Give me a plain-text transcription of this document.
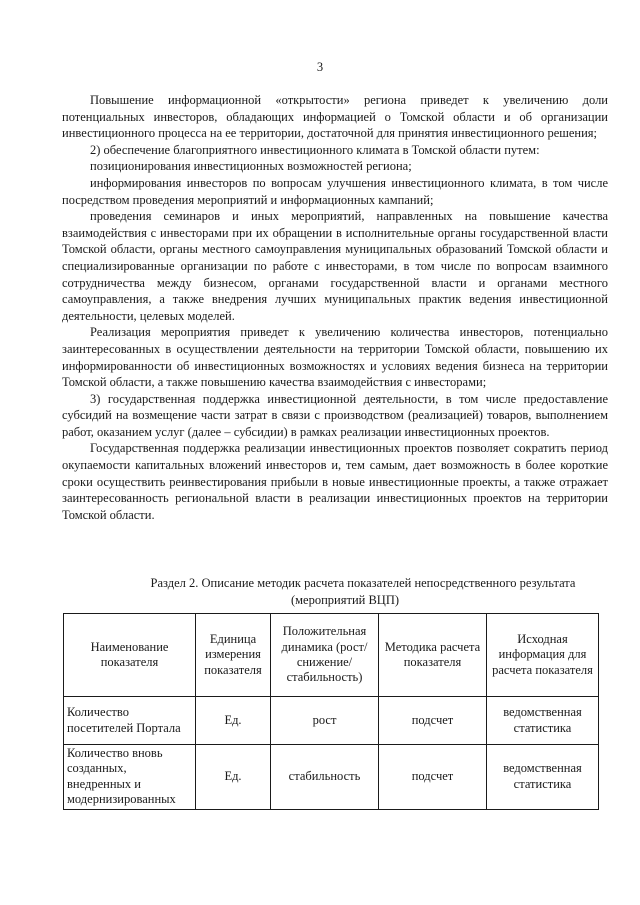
3

Повышение информационной «открытости» региона приведет к увеличению доли потенциальных инвесторов, обладающих информацией о Томской области и об организации инвестиционного процесса на ее территории, достаточной для принятия инвестиционного решения;

2) обеспечение благоприятного инвестиционного климата в Томской области путем:

позиционирования инвестиционных возможностей региона;

информирования инвесторов по вопросам улучшения инвестиционного климата, в том числе посредством проведения мероприятий и информационных кампаний;

проведения семинаров и иных мероприятий, направленных на повышение качества взаимодействия с инвесторами при их обращении в исполнительные органы государственной власти Томской области, органы местного самоуправления муниципальных образований Томской области и специализированные организации по работе с инвесторами, в том числе по вопросам взаимного сотрудничества между бизнесом, органами государственной власти и органами местного самоуправления, а также внедрения лучших муниципальных практик ведения инвестиционной деятельности, целевых моделей.

Реализация мероприятия приведет к увеличению количества инвесторов, потенциально заинтересованных в осуществлении деятельности на территории Томской области, повышению их информированности об инвестиционных возможностях и условиях ведения бизнеса на территории Томской области, а также повышению качества взаимодействия с инвесторами;

3) государственная поддержка инвестиционной деятельности, в том числе предоставление субсидий на возмещение части затрат в связи с производством (реализацией) товаров, выполнением работ, оказанием услуг (далее – субсидии) в рамках реализации инвестиционных проектов.

Государственная поддержка реализации инвестиционных проектов позволяет сократить период окупаемости капитальных вложений инвесторов и, тем самым, дает возможность в более короткие сроки осуществить реинвестирования прибыли в новые инвестиционные проекты, а также отражает заинтересованность региональной власти в реализации инвестиционных проектов на территории Томской области.

Раздел 2. Описание методик расчета показателей непосредственного результата
(мероприятий ВЦП)
Наименование показателя	Единица измерения показателя	Положительная динамика (рост/ снижение/ стабильность)	Методика расчета показателя	Исходная информация для расчета показателя
Количество посетителей Портала	Ед.	рост	подсчет	ведомственная статистика
Количество вновь созданных, внедренных и модернизированных	Ед.	стабильность	подсчет	ведомственная статистика
